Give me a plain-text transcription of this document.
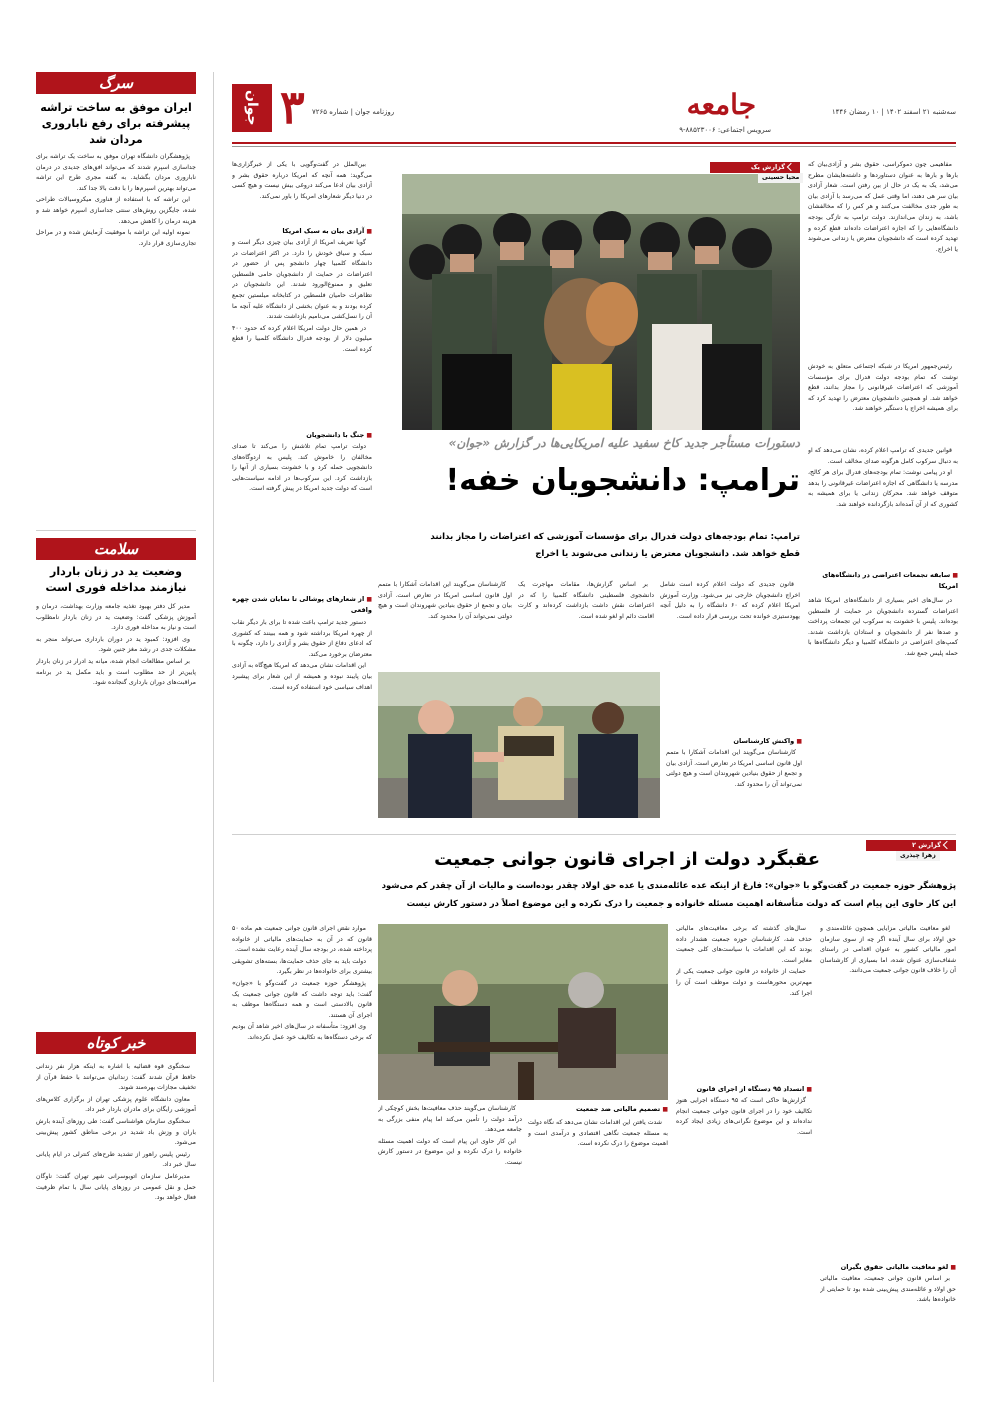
سرگ
ایران موفق به ساخت تراشه پیشرفته برای رفع ناباروری مردان شد

پژوهشگران دانشگاه تهران موفق به ساخت یک تراشه برای جداسازی اسپرم شدند که می‌تواند افق‌های جدیدی در درمان ناباروری مردان بگشاید. به گفته مجری طرح این تراشه می‌تواند بهترین اسپرم‌ها را با دقت بالا جدا کند.

این تراشه که با استفاده از فناوری میکروسیالات طراحی شده، جایگزین روش‌های سنتی جداسازی اسپرم خواهد شد و هزینه درمان را کاهش می‌دهد.

نمونه اولیه این تراشه با موفقیت آزمایش شده و در مراحل تجاری‌سازی قرار دارد.

سلامت
وضعیت ید در زنان باردار نیازمند مداخله فوری است

مدیر کل دفتر بهبود تغذیه جامعه وزارت بهداشت، درمان و آموزش پزشکی گفت: وضعیت ید در زنان باردار نامطلوب است و نیاز به مداخله فوری دارد.

وی افزود: کمبود ید در دوران بارداری می‌تواند منجر به مشکلات جدی در رشد مغز جنین شود.

بر اساس مطالعات انجام شده، میانه ید ادرار در زنان باردار پایین‌تر از حد مطلوب است و باید مکمل ید در برنامه مراقبت‌های دوران بارداری گنجانده شود.

خبر کوتاه

سخنگوی قوه قضائیه با اشاره به اینکه هزار نفر زندانی حافظ قرآن شدند گفت: زندانیان می‌توانند با حفظ قرآن از تخفیف مجازات بهره‌مند شوند.

معاون دانشگاه علوم پزشکی تهران از برگزاری کلاس‌های آموزشی رایگان برای مادران باردار خبر داد.

سخنگوی سازمان هواشناسی گفت: طی روزهای آینده بارش باران و وزش باد شدید در برخی مناطق کشور پیش‌بینی می‌شود.

رئیس پلیس راهور از تشدید طرح‌های کنترلی در ایام پایانی سال خبر داد.

مدیرعامل سازمان اتوبوسرانی شهر تهران گفت: ناوگان حمل و نقل عمومی در روزهای پایانی سال با تمام ظرفیت فعال خواهد بود.

سه‌شنبه ۲۱ اسفند ۱۴۰۲ | ۱۰ رمضان ۱۴۴۶
جامعه
سرویس اجتماعی: ۸۸۵۲۳۰۰۶-۹
روزنامه جوان | شماره ۷۲۶۵
۳
جوان

مفاهیمی چون دموکراسی، حقوق بشر و آزادی‌بیان که بارها و بارها به عنوان دستاوردها و داشته‌هایشان مطرح می‌شد، یک به یک در حال از بین رفتن است. شعار آزادی بیان سر هی دهند، اما وقتی عمل که می‌رسد با آزادی بیان به طور جدی مخالفت می‌کنند و هر کس را که مخالفشان باشد، به زندان می‌اندازند. دولت ترامپ به تازگی بودجه دانشگاه‌هایی را که اجازه اعتراضات داده‌اند قطع کرده و تهدید کرده است که دانشجویان معترض یا زندانی می‌شوند یا اخراج.

رئیس‌جمهور امریکا در شبکه اجتماعی متعلق به خودش نوشت که تمام بودجه دولت فدرال برای مؤسسات آموزشی که اعتراضات غیرقانونی را مجاز بدانند، قطع خواهد شد. او همچنین دانشجویان معترض را تهدید کرد که برای همیشه اخراج یا دستگیر خواهند شد.

قوانین جدیدی که ترامپ اعلام کرده، نشان می‌دهد که او به دنبال سرکوب کامل هرگونه صدای مخالف است.

او در پیامی نوشت: تمام بودجه‌های فدرال برای هر کالج، مدرسه یا دانشگاهی که اجازه اعتراضات غیرقانونی را بدهد متوقف خواهد شد. محرکان زندانی یا برای همیشه به کشوری که از آن آمده‌اند بازگردانده خواهند شد.

■ سابقه تجمعات اعتراضی در دانشگاه‌های امریکا

در سال‌های اخیر بسیاری از دانشگاه‌های امریکا شاهد اعتراضات گسترده دانشجویان در حمایت از فلسطین بوده‌اند. پلیس با خشونت به سرکوب این تجمعات پرداخت و صدها نفر از دانشجویان و استادان بازداشت شدند. کمپ‌های اعتراضی در دانشگاه کلمبیا و دیگر دانشگاه‌ها با حمله پلیس جمع شد.

گزارش یک
محیا حسینی
دستورات مستأجر جدید کاخ سفید علیه امریکایی‌ها در گزارش «جوان»
ترامپ: دانشجویان خفه!
ترامپ: تمام بودجه‌های دولت فدرال برای مؤسسات آموزشی که اعتراضات را مجاز بدانند
قطع خواهد شد. دانشجویان معترض یا زندانی می‌شوند یا اخراج

قانون جدیدی که دولت اعلام کرده است شامل اخراج دانشجویان خارجی نیز می‌شود. وزارت آموزش امریکا اعلام کرده که ۶۰ دانشگاه را به دلیل آنچه یهودستیزی خوانده تحت بررسی قرار داده است.

بر اساس گزارش‌ها، مقامات مهاجرت یک دانشجوی فلسطینی دانشگاه کلمبیا را که در اعتراضات نقش داشت بازداشت کرده‌اند و کارت اقامت دائم او لغو شده است.

کارشناسان می‌گویند این اقدامات آشکارا با متمم اول قانون اساسی امریکا در تعارض است. آزادی بیان و تجمع از حقوق بنیادین شهروندان است و هیچ دولتی نمی‌تواند آن را محدود کند.

■ واکنش کارشناسان

کارشناسان می‌گویند این اقدامات آشکارا با متمم اول قانون اساسی امریکا در تعارض است. آزادی بیان و تجمع از حقوق بنیادین شهروندان است و هیچ دولتی نمی‌تواند آن را محدود کند.

بین‌الملل در گفت‌وگویی با یکی از خبرگزاری‌ها می‌گوید: همه آنچه که امریکا درباره حقوق بشر و آزادی بیان ادعا می‌کند دروغی بیش نیست و هیچ کسی در دنیا دیگر شعارهای امریکا را باور نمی‌کند.

■ آزادی بیان به سبک امریکا

گویا تعریف امریکا از آزادی بیان چیزی دیگر است و سبک و سیاق خودش را دارد. در اکثر اعتراضات در دانشگاه کلمبیا چهار دانشجو پس از حضور در اعتراضات در حمایت از دانشجویان حامی فلسطین تعلیق و ممنوع‌الورود شدند. این دانشجویان در تظاهرات حامیان فلسطین در کتابخانه میلستین تجمع کرده بودند و به عنوان بخشی از دانشگاه علیه آنچه ما آن را نسل‌کشی می‌نامیم بازداشت شدند.

در همین حال دولت امریکا اعلام کرده که حدود ۴۰۰ میلیون دلار از بودجه فدرال دانشگاه کلمبیا را قطع کرده است.

■ جنگ با دانشجویان

دولت ترامپ تمام تلاشش را می‌کند تا صدای مخالفان را خاموش کند. پلیس به اردوگاه‌های دانشجویی حمله کرد و با خشونت بسیاری از آنها را بازداشت کرد. این سرکوب‌ها در ادامه سیاست‌هایی است که دولت جدید امریکا در پیش گرفته است.

■ از شعارهای پوشالی تا نمایان شدن چهره واقعی

دستور جدید ترامپ باعث شده تا برای بار دیگر نقاب از چهره امریکا برداشته شود و همه ببینند که کشوری که ادعای دفاع از حقوق بشر و آزادی را دارد، چگونه با معترضان برخورد می‌کند.

این اقدامات نشان می‌دهد که امریکا هیچ‌گاه به آزادی بیان پایبند نبوده و همیشه از این شعار برای پیشبرد اهداف سیاسی خود استفاده کرده است.

گزارش ۲
زهرا چیذری
عقبگرد دولت از اجرای قانون جوانی جمعیت
پژوهشگر حوزه جمعیت در گفت‌وگو با «جوان»: فارغ از اینکه عده عائله‌مندی یا عده حق اولاد چقدر بوده‌است و مالیات از آن چقدر کم می‌شود
این کار حاوی این پیام است که دولت متأسفانه اهمیت مسئله خانواده و جمعیت را درک نکرده و این موضوع اصلاً در دستور کارش نیست

لغو معافیت مالیاتی مزایایی همچون عائله‌مندی و حق اولاد برای سال آینده اگر چه از سوی سازمان امور مالیاتی کشور به عنوان اقدامی در راستای شفاف‌سازی عنوان شده، اما بسیاری از کارشناسان آن را خلاف قانون جوانی جمعیت می‌دانند.

■ لغو معافیت مالیاتی حقوق بگیران

بر اساس قانون جوانی جمعیت، معافیت مالیاتی حق اولاد و عائله‌مندی پیش‌بینی شده بود تا حمایتی از خانواده‌ها باشد.

سال‌های گذشته که برخی معافیت‌های مالیاتی حذف شد، کارشناسان حوزه جمعیت هشدار داده بودند که این اقدامات با سیاست‌های کلی جمعیت مغایر است.

حمایت از خانواده در قانون جوانی جمعیت یکی از مهم‌ترین محورهاست و دولت موظف است آن را اجرا کند.

■ انسداد ۹۵ دستگاه از اجرای قانون

گزارش‌ها حاکی است که ۹۵ دستگاه اجرایی هنوز تکالیف خود را در اجرای قانون جوانی جمعیت انجام نداده‌اند و این موضوع نگرانی‌های زیادی ایجاد کرده است.

■ تصمیم مالیاتی ضد جمعیت

شدت یافتن این اقدامات نشان می‌دهد که نگاه دولت به مسئله جمعیت نگاهی اقتصادی و درآمدی است و اهمیت موضوع را درک نکرده است.

کارشناسان می‌گویند حذف معافیت‌ها بخش کوچکی از درآمد دولت را تأمین می‌کند اما پیام منفی بزرگی به جامعه می‌دهد.

این کار حاوی این پیام است که دولت اهمیت مسئله خانواده را درک نکرده و این موضوع در دستور کارش نیست.

موارد نقض اجرای قانون جوانی جمعیت هم ماده ۵۰ قانون که در آن به حمایت‌های مالیاتی از خانواده پرداخته شده، در بودجه سال آینده رعایت نشده است.

دولت باید به جای حذف حمایت‌ها، بسته‌های تشویقی بیشتری برای خانواده‌ها در نظر بگیرد.

پژوهشگر حوزه جمعیت در گفت‌وگو با «جوان» گفت: باید توجه داشت که قانون جوانی جمعیت یک قانون بالادستی است و همه دستگاه‌ها موظف به اجرای آن هستند.

وی افزود: متأسفانه در سال‌های اخیر شاهد آن بودیم که برخی دستگاه‌ها به تکالیف خود عمل نکرده‌اند.
